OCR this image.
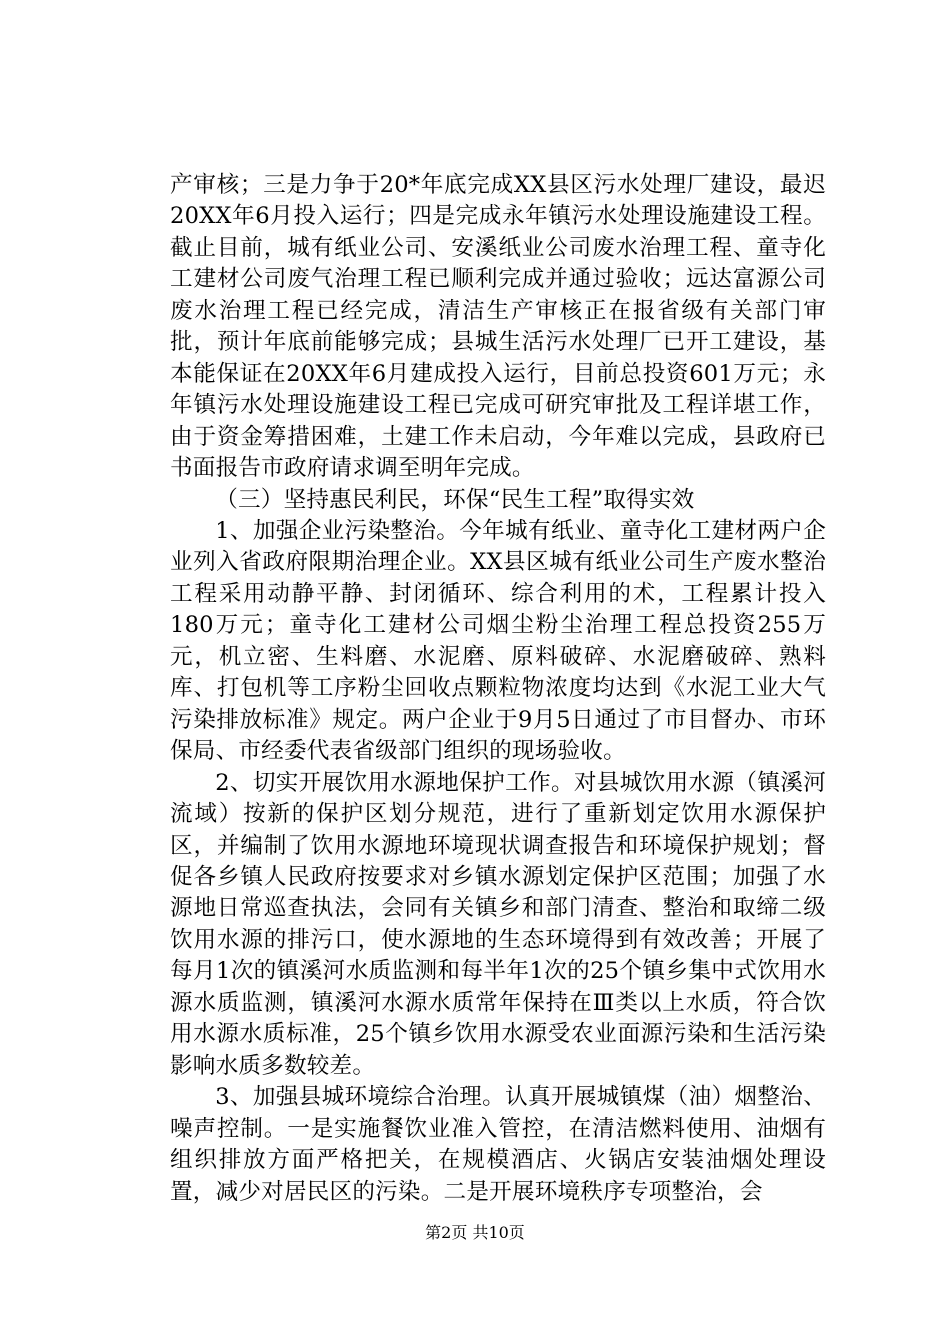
产审核；三是力争于20*年底完成XX县区污水处理厂建设，最迟20XX年6月投入运行；四是完成永年镇污水处理设施建设工程。截止目前，城有纸业公司、安溪纸业公司废水治理工程、童寺化工建材公司废气治理工程已顺利完成并通过验收；远达富源公司废水治理工程已经完成，清洁生产审核正在报省级有关部门审批，预计年底前能够完成；县城生活污水处理厂已开工建设，基本能保证在20XX年6月建成投入运行，目前总投资601万元；永年镇污水处理设施建设工程已完成可研究审批及工程详堪工作，由于资金筹措困难，土建工作未启动，今年难以完成，县政府已书面报告市政府请求调至明年完成。

（三）坚持惠民利民，环保“民生工程”取得实效

1、加强企业污染整治。今年城有纸业、童寺化工建材两户企业列入省政府限期治理企业。XX县区城有纸业公司生产废水整治工程采用动静平静、封闭循环、综合利用的术，工程累计投入180万元；童寺化工建材公司烟尘粉尘治理工程总投资255万元，机立密、生料磨、水泥磨、原料破碎、水泥磨破碎、熟料库、打包机等工序粉尘回收点颗粒物浓度均达到《水泥工业大气污染排放标准》规定。两户企业于9月5日通过了市目督办、市环保局、市经委代表省级部门组织的现场验收。

2、切实开展饮用水源地保护工作。对县城饮用水源（镇溪河流域）按新的保护区划分规范，进行了重新划定饮用水源保护区，并编制了饮用水源地环境现状调查报告和环境保护规划；督促各乡镇人民政府按要求对乡镇水源划定保护区范围；加强了水源地日常巡查执法，会同有关镇乡和部门清查、整治和取缔二级饮用水源的排污口，使水源地的生态环境得到有效改善；开展了每月1次的镇溪河水质监测和每半年1次的25个镇乡集中式饮用水源水质监测，镇溪河水源水质常年保持在Ⅲ类以上水质，符合饮用水源水质标准，25个镇乡饮用水源受农业面源污染和生活污染影响水质多数较差。

3、加强县城环境综合治理。认真开展城镇煤（油）烟整治、噪声控制。一是实施餐饮业准入管控，在清洁燃料使用、油烟有组织排放方面严格把关，在规模酒店、火锅店安装油烟处理设置，减少对居民区的污染。二是开展环境秩序专项整治，会

第2页 共10页
